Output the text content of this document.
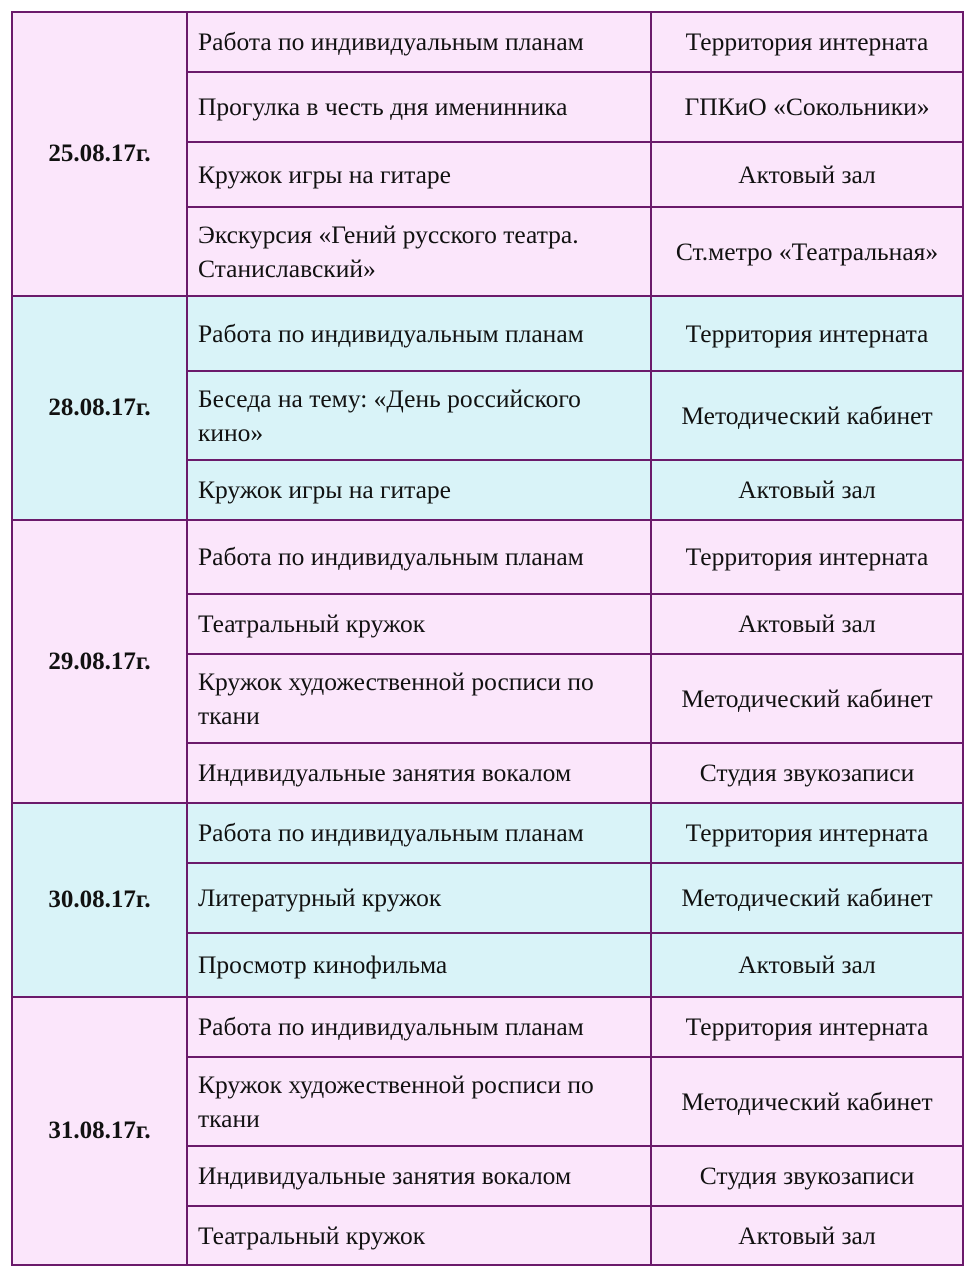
25.08.17г.	Работа по индивидуальным планам	Территория интерната
	Прогулка в честь дня именинника	ГПКиО «Сокольники»
	Кружок игры на гитаре	Актовый зал
	Экскурсия «Гений русского театра. Станиславский»	Ст.метро «Театральная»
28.08.17г.	Работа по индивидуальным планам	Территория интерната
	Беседа на тему: «День российского кино»	Методический кабинет
	Кружок игры на гитаре	Актовый зал
29.08.17г.	Работа по индивидуальным планам	Территория интерната
	Театральный кружок	Актовый зал
	Кружок художественной росписи по ткани	Методический кабинет
	Индивидуальные занятия вокалом	Студия звукозаписи
30.08.17г.	Работа по индивидуальным планам	Территория интерната
	Литературный кружок	Методический кабинет
	Просмотр кинофильма	Актовый зал
31.08.17г.	Работа по индивидуальным планам	Территория интерната
	Кружок художественной росписи по ткани	Методический кабинет
	Индивидуальные занятия вокалом	Студия звукозаписи
	Театральный кружок	Актовый зал
